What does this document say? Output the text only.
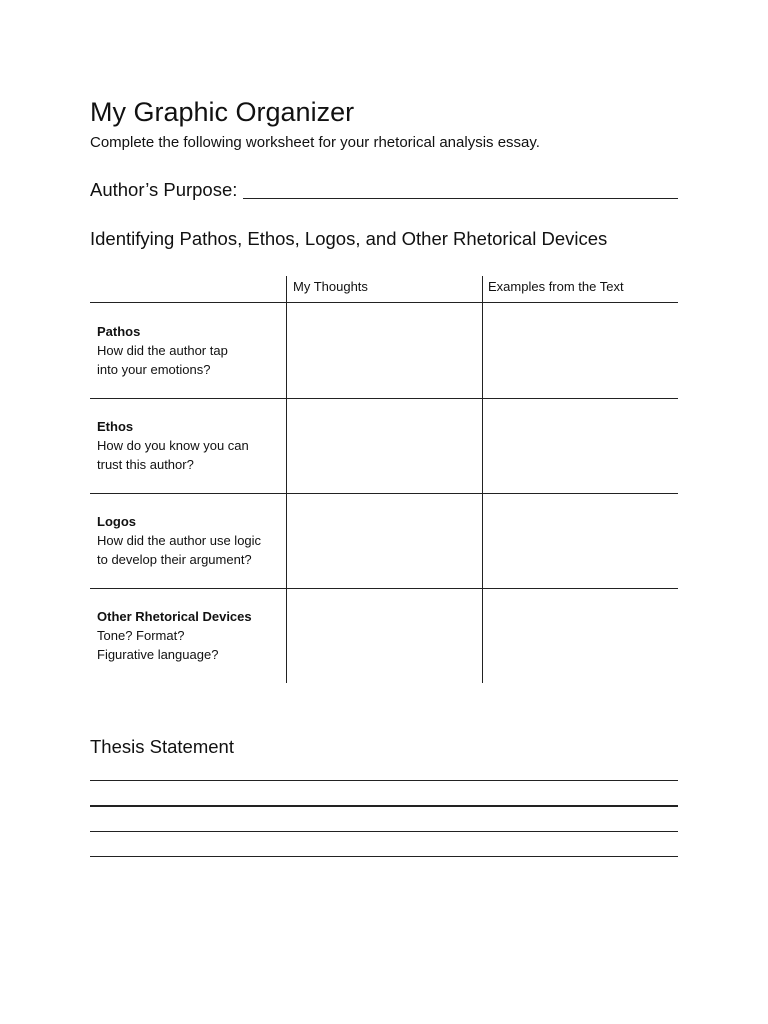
My Graphic Organizer
Complete the following worksheet for your rhetorical analysis essay.
Author’s Purpose:
Identifying Pathos, Ethos, Logos, and Other Rhetorical Devices
My Thoughts	Examples from the Text
Pathos
How did the author tap
into your emotions?
Ethos
How do you know you can
trust this author?
Logos
How did the author use logic
to develop their argument?
Other Rhetorical Devices
Tone? Format?
Figurative language?
Thesis Statement
